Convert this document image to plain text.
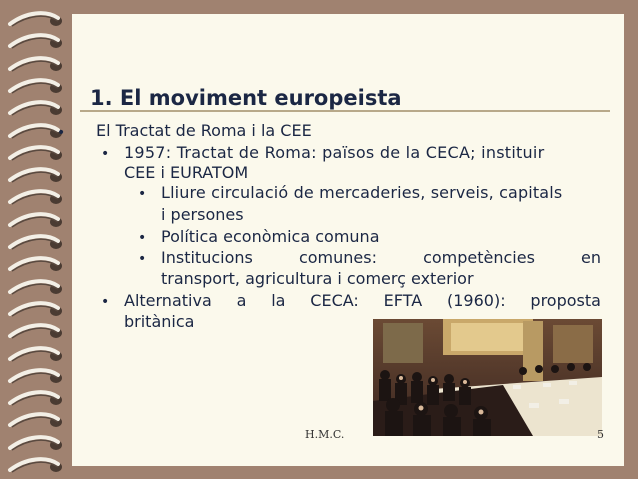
1. El moviment europeista
• El Tractat de Roma i la CEE
• 1957: Tractat de Roma: països de la CECA; instituir
CEE i EURATOM
• Lliure circulació de mercaderies, serveis, capitals
i persones
• Política econòmica comuna
• Institucions	comunes:	competències	en
transport, agricultura i comerç exterior
• Alternativa a la CECA: EFTA (1960): proposta
britànica
H.M.C.	5
